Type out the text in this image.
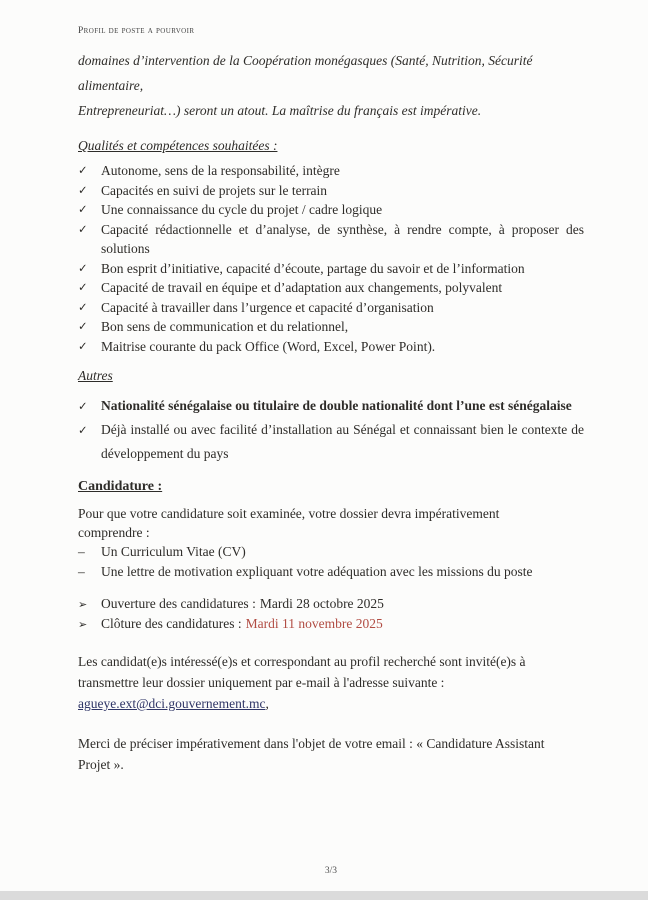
Profil de poste a pourvoir
domaines d’intervention de la Coopération monégasques (Santé, Nutrition, Sécurité alimentaire,
Entrepreneuriat…) seront un atout. La maîtrise du français est impérative.
Qualités et compétences souhaitées :
✓ Autonome, sens de la responsabilité, intègre
✓ Capacités en suivi de projets sur le terrain
✓ Une connaissance du cycle du projet / cadre logique
✓ Capacité rédactionnelle et d’analyse, de synthèse, à rendre compte, à proposer des solutions
✓ Bon esprit d’initiative, capacité d’écoute, partage du savoir et de l’information
✓ Capacité de travail en équipe et d’adaptation aux changements, polyvalent
✓ Capacité à travailler dans l’urgence et capacité d’organisation
✓ Bon sens de communication et du relationnel,
✓ Maitrise courante du pack Office (Word, Excel, Power Point).
Autres
✓ Nationalité sénégalaise ou titulaire de double nationalité dont l’une est sénégalaise
✓ Déjà installé ou avec facilité d’installation au Sénégal et connaissant bien le contexte de développement du pays
Candidature :
Pour que votre candidature soit examinée, votre dossier devra impérativement
comprendre :
–	Un Curriculum Vitae (CV)
–	Une lettre de motivation expliquant votre adéquation avec les missions du poste
➢	Ouverture des candidatures : Mardi 28 octobre 2025
➢	Clôture des candidatures : Mardi 11 novembre 2025
Les candidat(e)s intéressé(e)s et correspondant au profil recherché sont invité(e)s à
transmettre leur dossier uniquement par e-mail à l'adresse suivante :
agueye.ext@dci.gouvernement.mc,
Merci de préciser impérativement dans l'objet de votre email : « Candidature Assistant
Projet ».
3/3
